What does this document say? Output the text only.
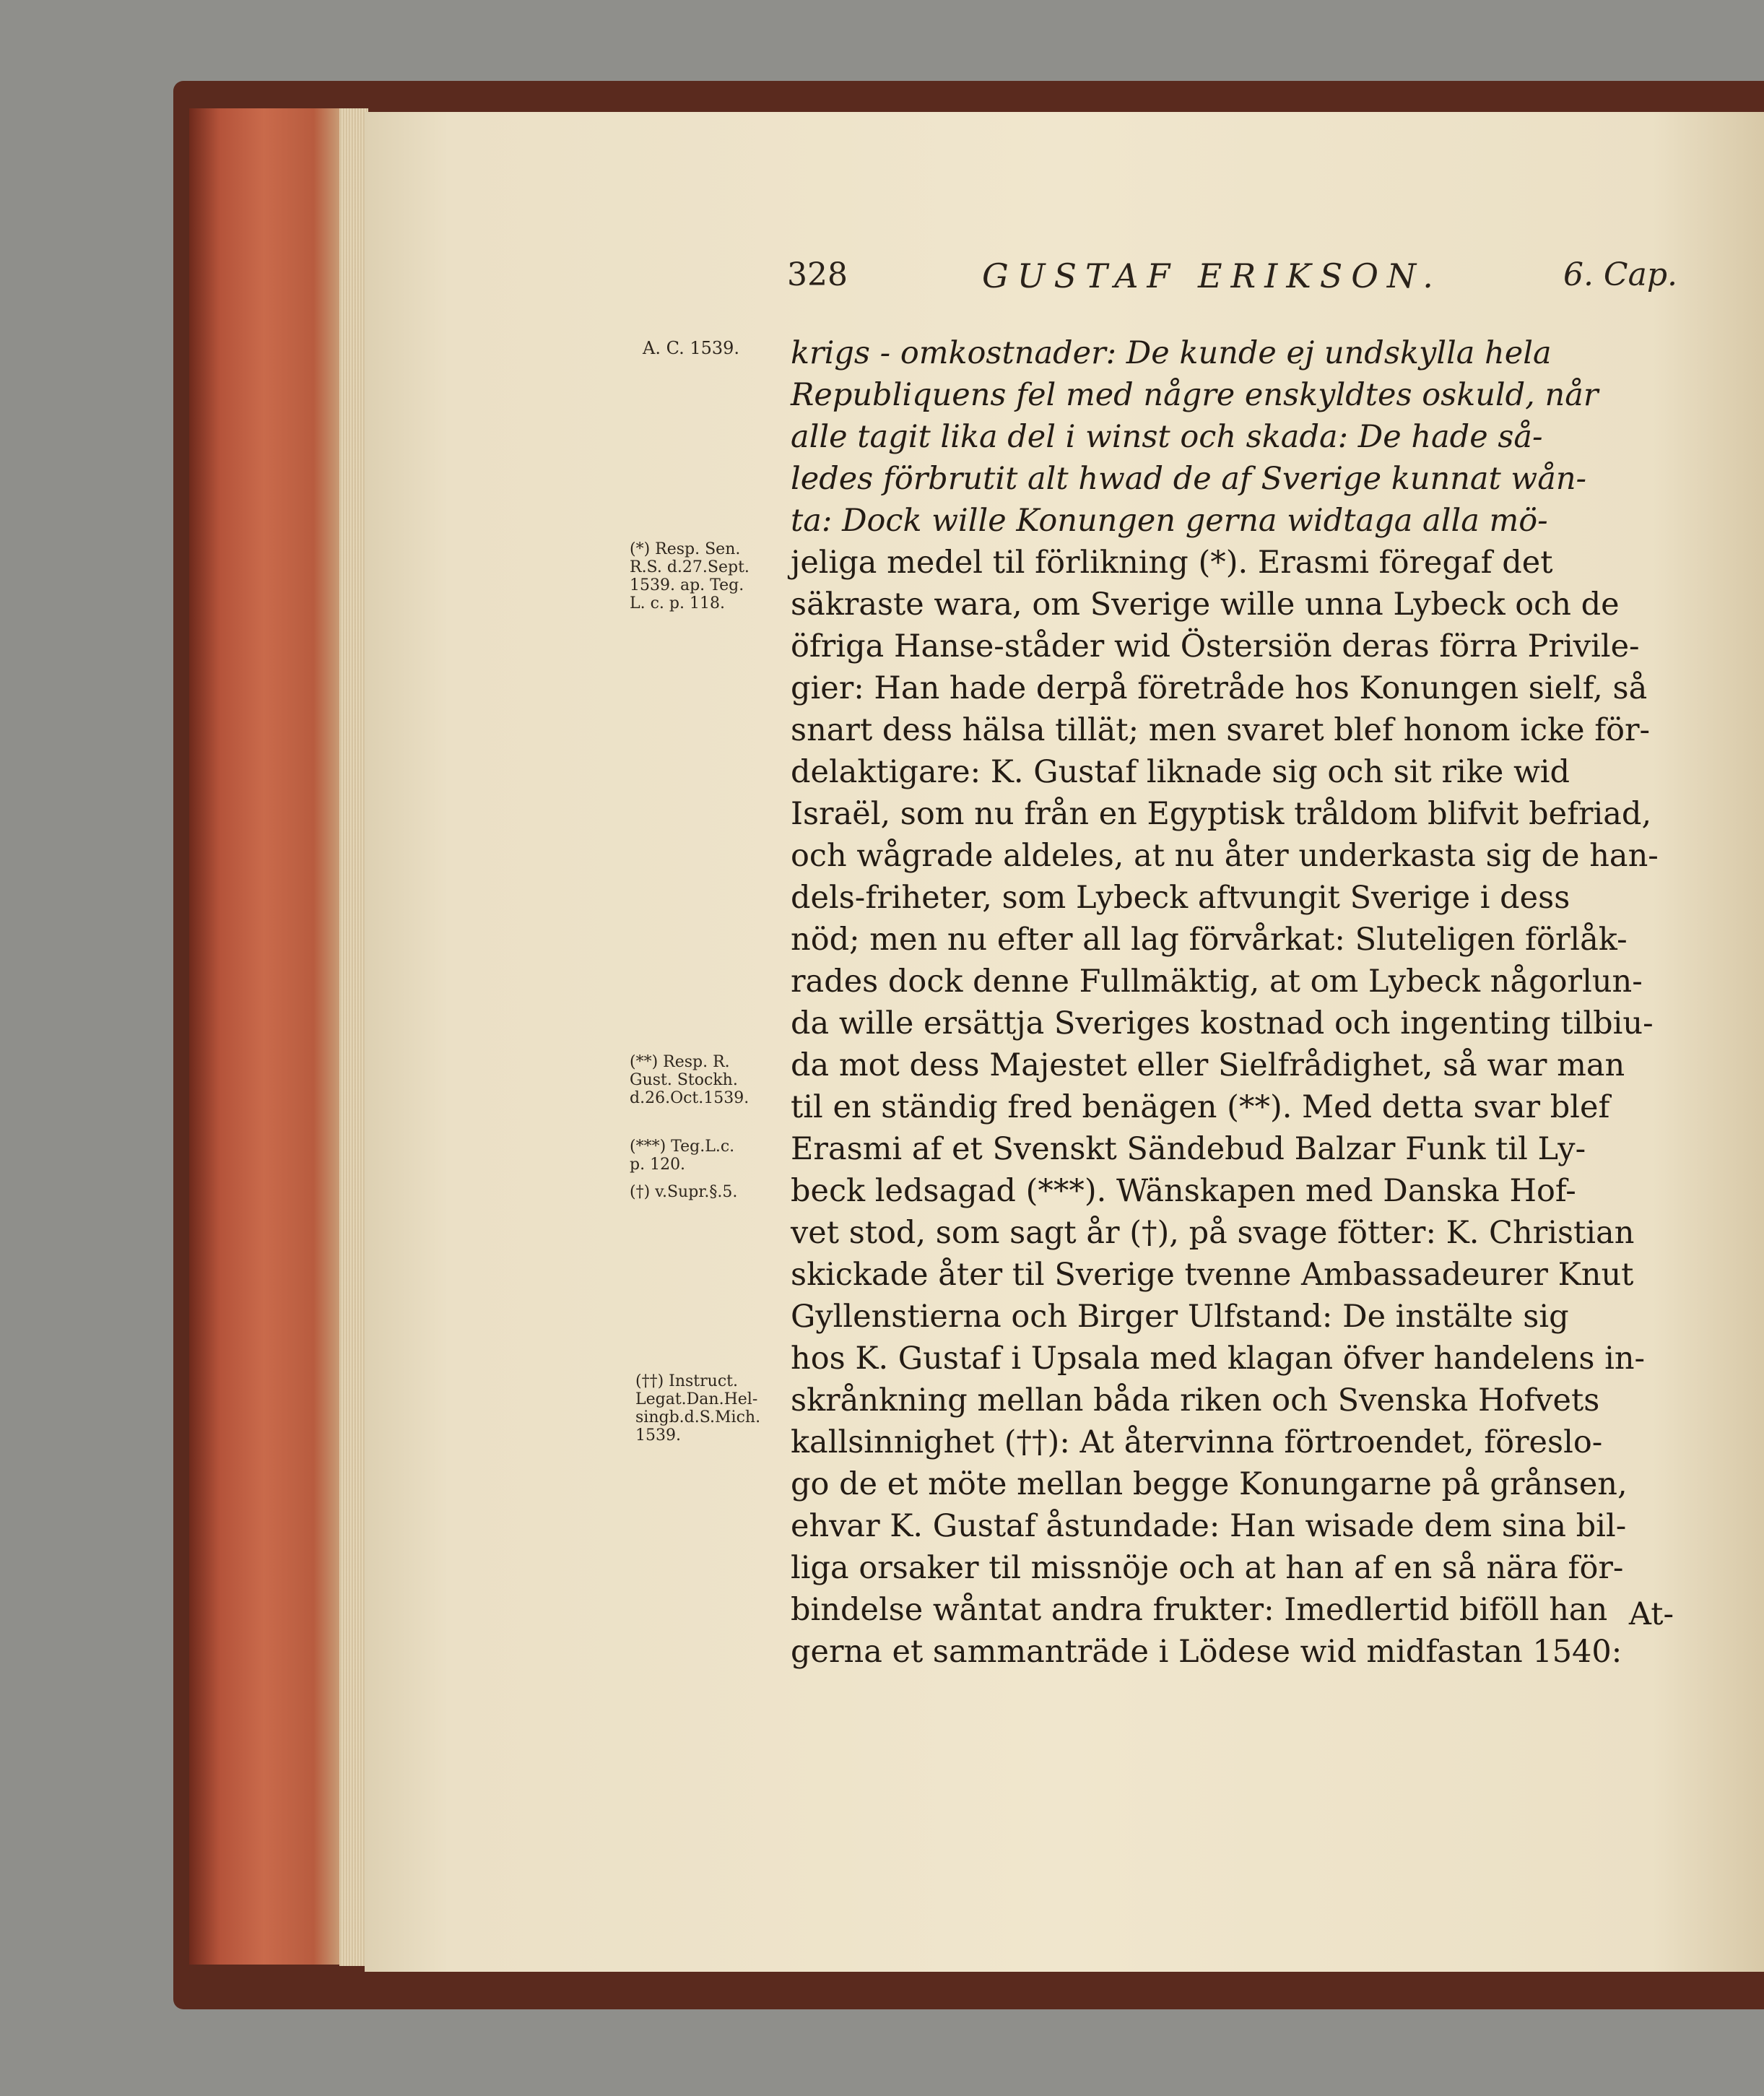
328	GUSTAF ERIKSON.	6. Cap.
A. C. 1539.
(*) Resp. Sen.
R.S. d.27.Sept.
1539. ap. Teg.
L. c. p. 118.
(**) Resp. R.
Gust. Stockh.
d.26.Oct.1539.
(***) Teg.L.c.
p. 120.
(†) v.Supr.§.5.
(††) Instruct.
Legat.Dan.Hel-
singb.d.S.Mich.
1539.
krigs - omkostnader: De kunde ej undskylla hela
Republiquens fel med någre enskyldtes oskuld, når
alle tagit lika del i winst och skada: De hade så-
ledes förbrutit alt hwad de af Sverige kunnat wån-
ta: Dock wille Konungen gerna widtaga alla mö-
jeliga medel til förlikning (*). Erasmi föregaf det
säkraste wara, om Sverige wille unna Lybeck och de
öfriga Hanse-ståder wid Östersiön deras förra Privile-
gier: Han hade derpå företråde hos Konungen sielf, så
snart dess hälsa tillät; men svaret blef honom icke för-
delaktigare: K. Gustaf liknade sig och sit rike wid
Israël, som nu från en Egyptisk tråldom blifvit befriad,
och wågrade aldeles, at nu åter underkasta sig de han-
dels-friheter, som Lybeck aftvungit Sverige i dess
nöd; men nu efter all lag förvårkat: Sluteligen förlåk-
rades dock denne Fullmäktig, at om Lybeck någorlun-
da wille ersättja Sveriges kostnad och ingenting tilbiu-
da mot dess Majestet eller Sielfrådighet, så war man
til en ständig fred benägen (**). Med detta svar blef
Erasmi af et Svenskt Sändebud Balzar Funk til Ly-
beck ledsagad (***). Wänskapen med Danska Hof-
vet stod, som sagt år (†), på svage fötter: K. Christian
skickade åter til Sverige tvenne Ambassadeurer Knut
Gyllenstierna och Birger Ulfstand: De instälte sig
hos K. Gustaf i Upsala med klagan öfver handelens in-
skrånkning mellan båda riken och Svenska Hofvets
kallsinnighet (††): At återvinna förtroendet, föreslo-
go de et möte mellan begge Konungarne på grånsen,
ehvar K. Gustaf åstundade: Han wisade dem sina bil-
liga orsaker til missnöje och at han af en så nära för-
bindelse wåntat andra frukter: Imedlertid biföll han
gerna et sammanträde i Lödese wid midfastan 1540:
At-
